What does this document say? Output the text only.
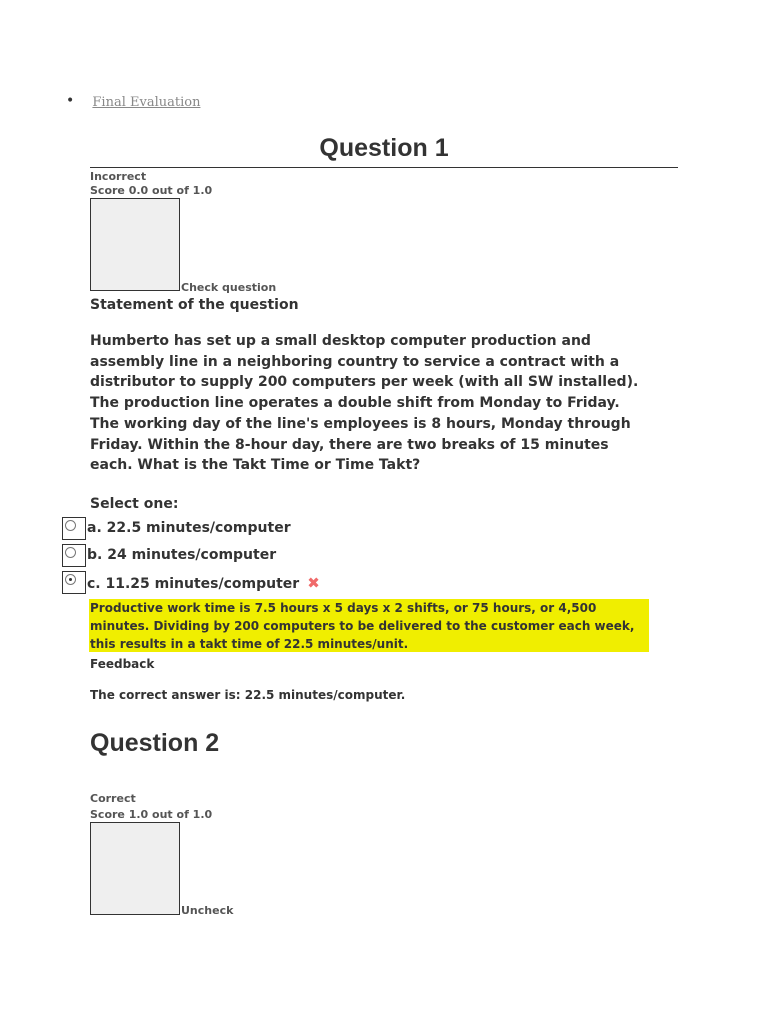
• Final Evaluation
Question 1
Incorrect
Score 0.0 out of 1.0
Check question
Statement of the question

Humberto has set up a small desktop computer production and assembly line in a neighboring country to service a contract with a distributor to supply 200 computers per week (with all SW installed). The production line operates a double shift from Monday to Friday. The working day of the line's employees is 8 hours, Monday through Friday. Within the 8-hour day, there are two breaks of 15 minutes each. What is the Takt Time or Time Takt?

Select one:
a. 22.5 minutes/computer
b. 24 minutes/computer
c. 11.25 minutes/computer ✖

Productive work time is 7.5 hours x 5 days x 2 shifts, or 75 hours, or 4,500 minutes. Dividing by 200 computers to be delivered to the customer each week, this results in a takt time of 22.5 minutes/unit.

Feedback
The correct answer is: 22.5 minutes/computer.
Question 2
Correct
Score 1.0 out of 1.0
Uncheck
